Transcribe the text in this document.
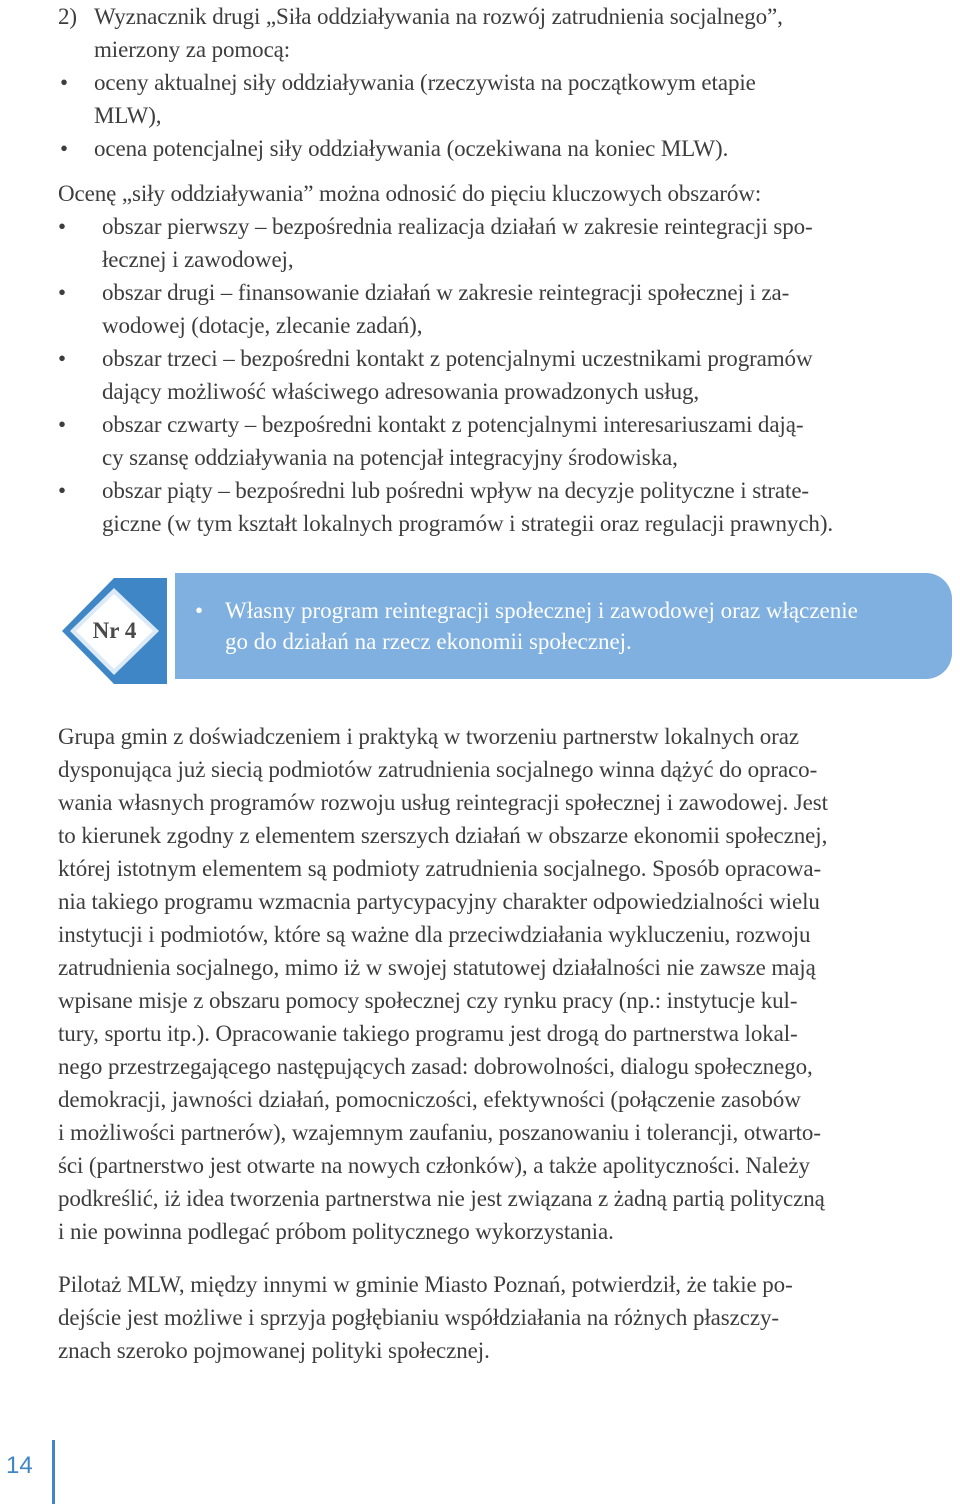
2) Wyznacznik drugi „Siła oddziaływania na rozwój zatrudnienia socjalnego”,
mierzony za pomocą:
• oceny aktualnej siły oddziaływania (rzeczywista na początkowym etapie
MLW),
• ocena potencjalnej siły oddziaływania (oczekiwana na koniec MLW).
Ocenę „siły oddziaływania” można odnosić do pięciu kluczowych obszarów:
• obszar pierwszy – bezpośrednia realizacja działań w zakresie reintegracji spo-
łecznej i zawodowej,
• obszar drugi – finansowanie działań w zakresie reintegracji społecznej i za-
wodowej (dotacje, zlecanie zadań),
• obszar trzeci – bezpośredni kontakt z potencjalnymi uczestnikami programów
dający możliwość właściwego adresowania prowadzonych usług,
• obszar czwarty – bezpośredni kontakt z potencjalnymi interesariuszami dają-
cy szansę oddziaływania na potencjał integracyjny środowiska,
• obszar piąty – bezpośredni lub pośredni wpływ na decyzje polityczne i strate-
giczne (w tym kształt lokalnych programów i strategii oraz regulacji prawnych).
Nr 4
• Własny program reintegracji społecznej i zawodowej oraz włączenie
go do działań na rzecz ekonomii społecznej.
Grupa gmin z doświadczeniem i praktyką w tworzeniu partnerstw lokalnych oraz
dysponująca już siecią podmiotów zatrudnienia socjalnego winna dążyć do opraco-
wania własnych programów rozwoju usług reintegracji społecznej i zawodowej. Jest
to kierunek zgodny z elementem szerszych działań w obszarze ekonomii społecznej,
której istotnym elementem są podmioty zatrudnienia socjalnego. Sposób opracowa-
nia takiego programu wzmacnia partycypacyjny charakter odpowiedzialności wielu
instytucji i podmiotów, które są ważne dla przeciwdziałania wykluczeniu, rozwoju
zatrudnienia socjalnego, mimo iż w swojej statutowej działalności nie zawsze mają
wpisane misje z obszaru pomocy społecznej czy rynku pracy (np.: instytucje kul-
tury, sportu itp.). Opracowanie takiego programu jest drogą do partnerstwa lokal-
nego przestrzegającego następujących zasad: dobrowolności, dialogu społecznego,
demokracji, jawności działań, pomocniczości, efektywności (połączenie zasobów
i możliwości partnerów), wzajemnym zaufaniu, poszanowaniu i tolerancji, otwarto-
ści (partnerstwo jest otwarte na nowych członków), a także apolityczności. Należy
podkreślić, iż idea tworzenia partnerstwa nie jest związana z żadną partią polityczną
i nie powinna podlegać próbom politycznego wykorzystania.
Pilotaż MLW, między innymi w gminie Miasto Poznań, potwierdził, że takie po-
dejście jest możliwe i sprzyja pogłębianiu współdziałania na różnych płaszczy-
znach szeroko pojmowanej polityki społecznej.
14
